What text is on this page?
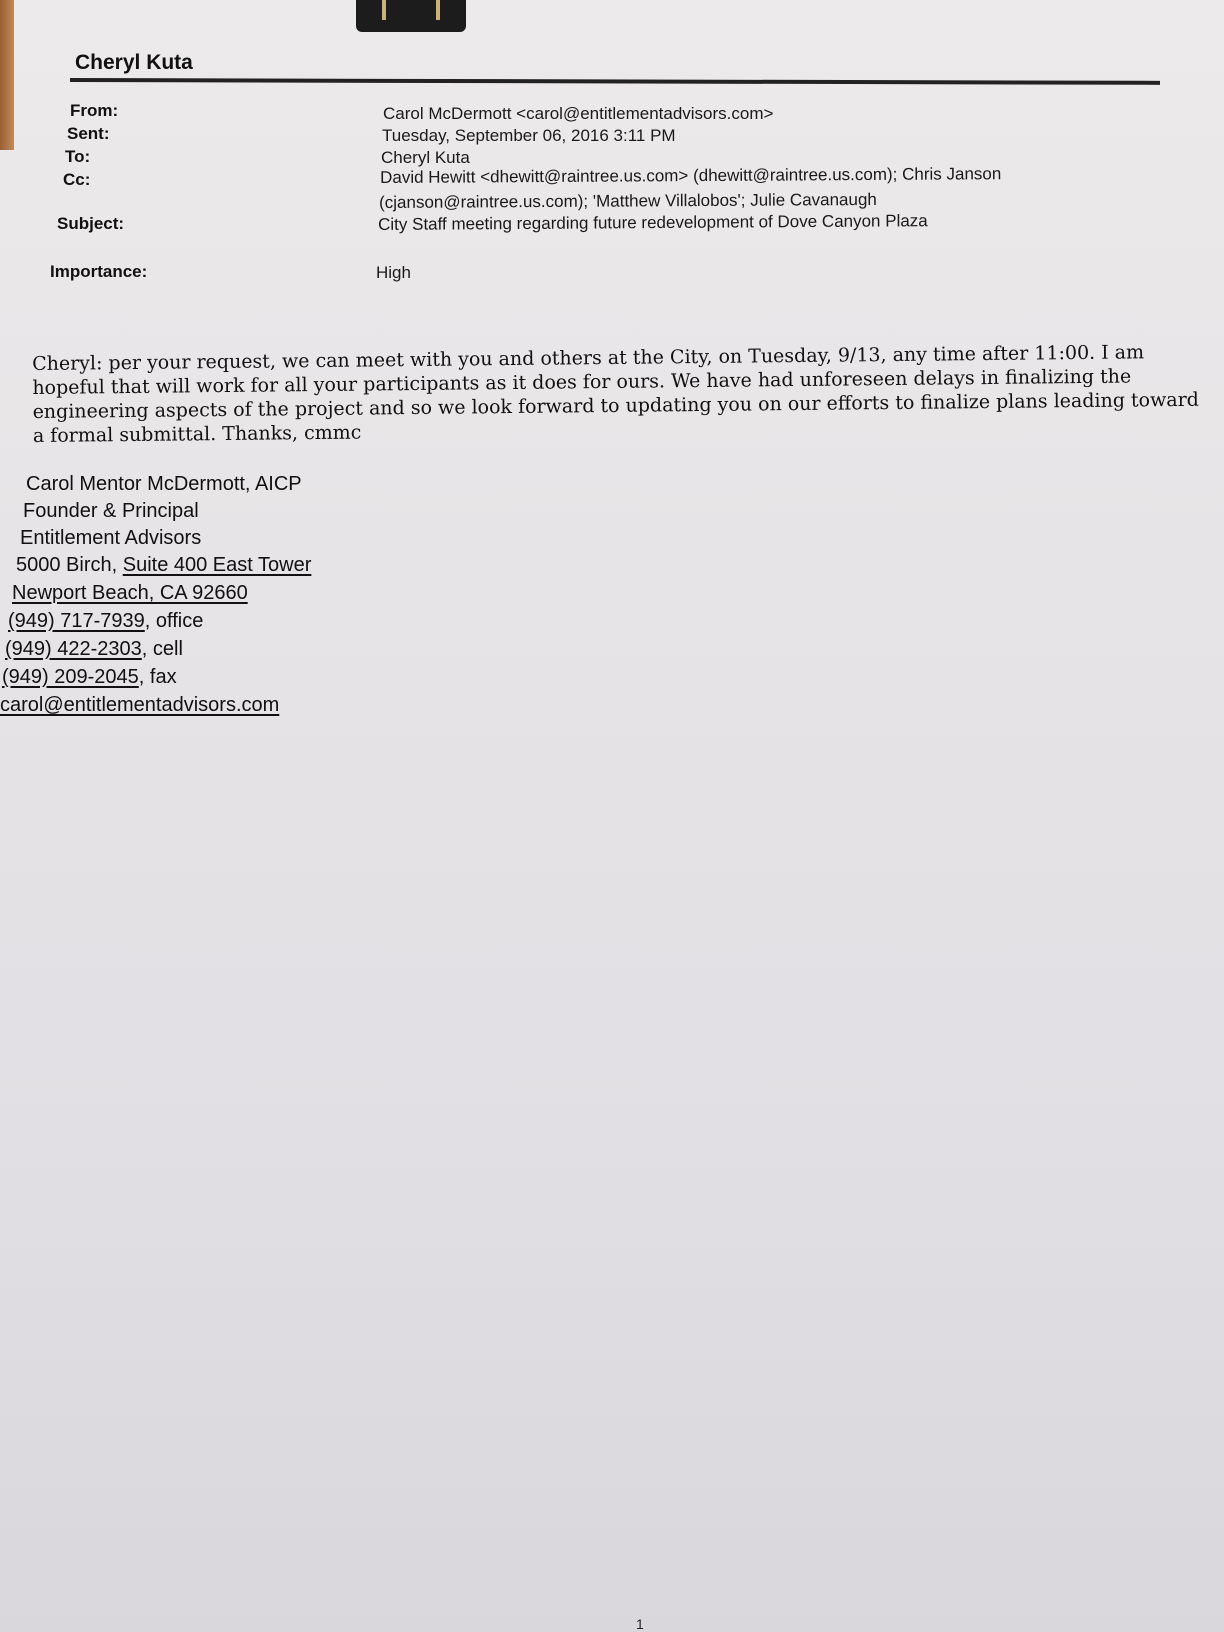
Cheryl Kuta
From:	Carol McDermott <carol@entitlementadvisors.com>
Sent:	Tuesday, September 06, 2016 3:11 PM
To:	Cheryl Kuta
Cc:	David Hewitt <dhewitt@raintree.us.com> (dhewitt@raintree.us.com); Chris Janson
(cjanson@raintree.us.com); 'Matthew Villalobos'; Julie Cavanaugh
Subject:	City Staff meeting regarding future redevelopment of Dove Canyon Plaza
Importance:	High

Cheryl: per your request, we can meet with you and others at the City, on Tuesday, 9/13, any time after 11:00. I am hopeful that will work for all your participants as it does for ours. We have had unforeseen delays in finalizing the engineering aspects of the project and so we look forward to updating you on our efforts to finalize plans leading toward a formal submittal. Thanks, cmmc

Carol Mentor McDermott, AICP
Founder & Principal
Entitlement Advisors
5000 Birch, Suite 400 East Tower
Newport Beach, CA 92660
(949) 717-7939, office
(949) 422-2303, cell
(949) 209-2045, fax
carol@entitlementadvisors.com
1
